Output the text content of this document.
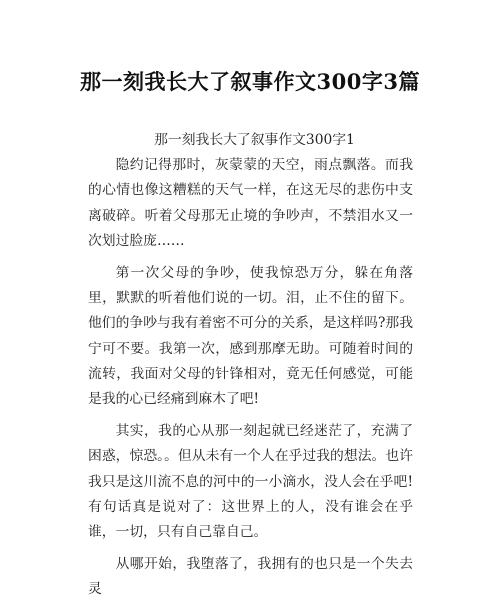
那一刻我长大了叙事作文300字3篇
那一刻我长大了叙事作文300字1
隐约记得那时，灰蒙蒙的天空，雨点飘落。而我的心情也像这糟糕的天气一样，在这无尽的悲伤中支离破碎。听着父母那无止境的争吵声，不禁泪水又一次划过脸庞……
第一次父母的争吵，使我惊恐万分，躲在角落里，默默的听着他们说的一切。泪，止不住的留下。他们的争吵与我有着密不可分的关系，是这样吗?那我宁可不要。我第一次，感到那摩无助。可随着时间的流转，我面对父母的针锋相对，竟无任何感觉，可能是我的心已经痛到麻木了吧!
其实，我的心从那一刻起就已经迷茫了，充满了困惑，惊恐。。但从未有一个人在乎过我的想法。也许我只是这川流不息的河中的一小滴水，没人会在乎吧!有句话真是说对了：这世界上的人，没有谁会在乎谁，一切，只有自己靠自己。
从哪开始，我堕落了，我拥有的也只是一个失去灵
